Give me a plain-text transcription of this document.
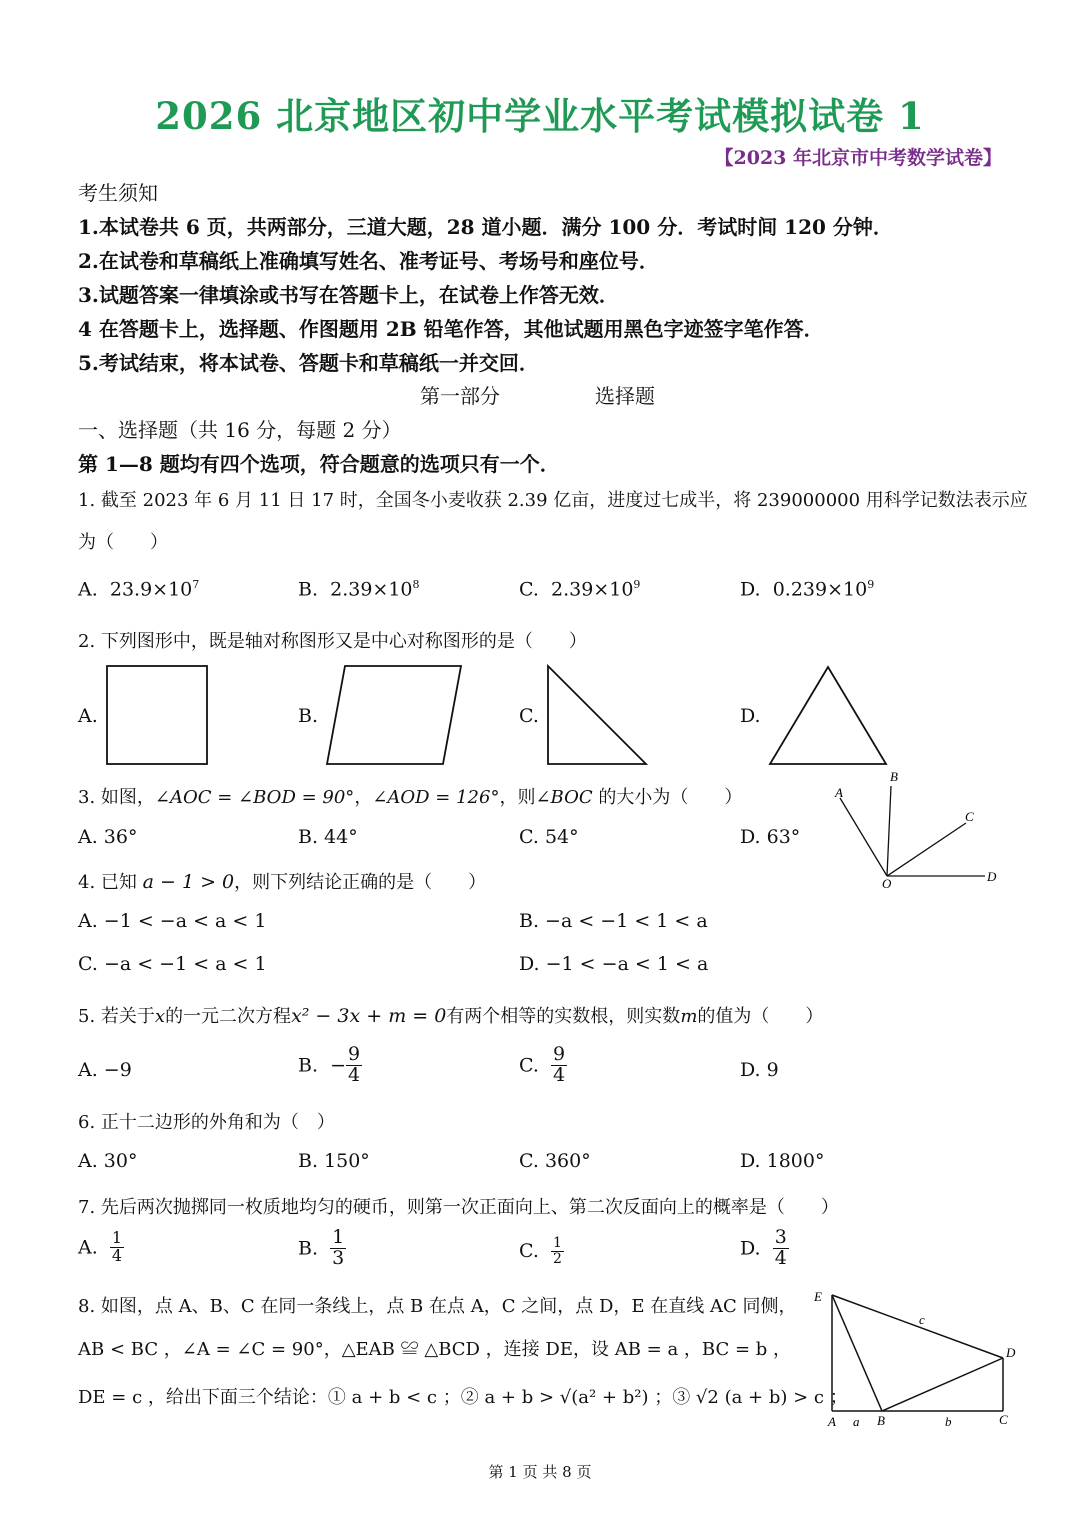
2026 北京地区初中学业水平考试模拟试卷 1
【2023 年北京市中考数学试卷】
考生须知
1.本试卷共 6 页，共两部分，三道大题，28 道小题．满分 100 分．考试时间 120 分钟．
2.在试卷和草稿纸上准确填写姓名、准考证号、考场号和座位号．
3.试题答案一律填涂或书写在答题卡上，在试卷上作答无效．
4 在答题卡上，选择题、作图题用 2B 铅笔作答，其他试题用黑色字迹签字笔作答．
5.考试结束，将本试卷、答题卡和草稿纸一并交回．
第一部分	选择题
一、选择题（共 16 分，每题 2 分）
第 1—8 题均有四个选项，符合题意的选项只有一个．
1. 截至 2023 年 6 月 11 日 17 时，全国冬小麦收获 2.39 亿亩，进度过七成半，将 239000000 用科学记数法表示应
为（　　）
A. $23.9\times 10^7$	B. $2.39\times 10^8$	C. $2.39\times 10^9$	D. $0.239\times 10^9$
2. 下列图形中，既是轴对称图形又是中心对称图形的是（　　）
A.	B.	C.	D.
3. 如图，∠AOC = ∠BOD = 90°，∠AOD = 126°，则∠BOC 的大小为（　　）
A. 36°	B. 44°	C. 54°	D. 63°
A
B
C
D
O
4. 已知 a − 1 > 0，则下列结论正确的是（　　）
A. −1 < −a < a < 1	B. −a < −1 < 1 < a
C. −a < −1 < a < 1	D. −1 < −a < 1 < a
5. 若关于x的一元二次方程x² − 3x + m = 0有两个相等的实数根，则实数m的值为（　　）
A. −9	B. − $\frac{9}{4}$	C. $\frac{9}{4}$	D. 9
6. 正十二边形的外角和为（　）
A. 30°	B. 150°	C. 360°	D. 1800°
7. 先后两次抛掷同一枚质地均匀的硬币，则第一次正面向上、第二次反面向上的概率是（　　）
A. $\frac{1}{4}$	B. $\frac{1}{3}$	C. $\frac{1}{2}$	D. $\frac{3}{4}$
8. 如图，点 A、B、C 在同一条线上，点 B 在点 A，C 之间，点 D，E 在直线 AC 同侧，
AB < BC ，∠A = ∠C = 90°，△EAB ≌ △BCD ，连接 DE，设 AB = a ，BC = b ，
DE = c ，给出下面三个结论：① a + b < c ；② a + b > √(a² + b²) ；③ √2 (a + b) > c ；
E
D
A a B	b	C
c
第 1 页 共 8 页
